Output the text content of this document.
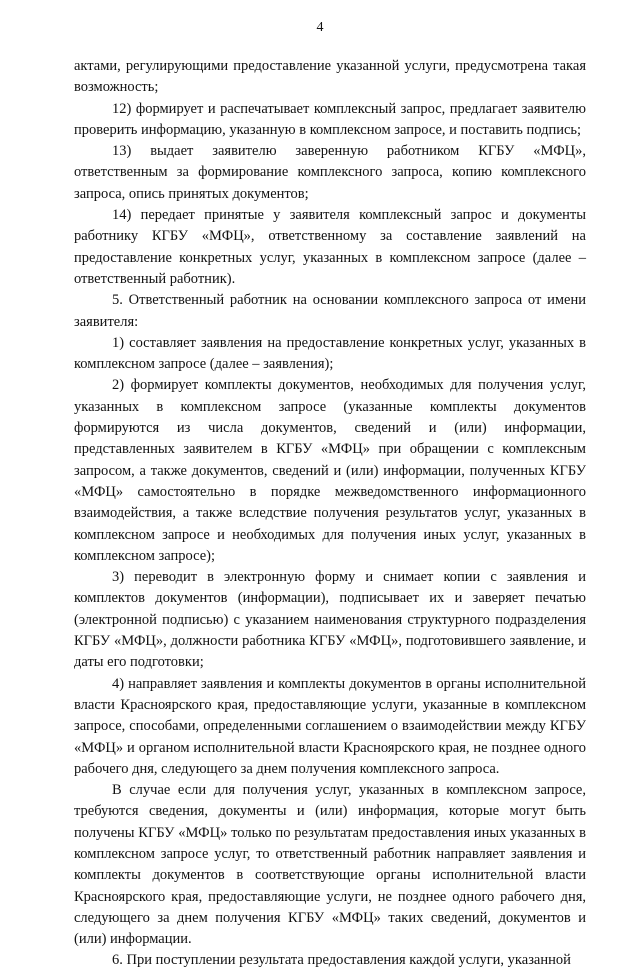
4

актами, регулирующими предоставление указанной услуги, предусмотрена такая возможность;

12) формирует и распечатывает комплексный запрос, предлагает заявителю проверить информацию, указанную в комплексном запросе, и поставить подпись;

13) выдает заявителю заверенную работником КГБУ «МФЦ», ответственным за формирование комплексного запроса, копию комплексного запроса, опись принятых документов;

14) передает принятые у заявителя комплексный запрос и документы работнику КГБУ «МФЦ», ответственному за составление заявлений на предоставление конкретных услуг, указанных в комплексном запросе (далее – ответственный работник).

5. Ответственный работник на основании комплексного запроса от имени заявителя:

1) составляет заявления на предоставление конкретных услуг, указанных в комплексном запросе (далее – заявления);

2) формирует комплекты документов, необходимых для получения услуг, указанных в комплексном запросе (указанные комплекты документов формируются из числа документов, сведений и (или) информации, представленных заявителем в КГБУ «МФЦ» при обращении с комплексным запросом, а также документов, сведений и (или) информации, полученных КГБУ «МФЦ» самостоятельно в порядке межведомственного информационного взаимодействия, а также вследствие получения результатов услуг, указанных в комплексном запросе и необходимых для получения иных услуг, указанных в комплексном запросе);

3) переводит в электронную форму и снимает копии с заявления и комплектов документов (информации), подписывает их и заверяет печатью (электронной подписью) с указанием наименования структурного подразделения КГБУ «МФЦ», должности работника КГБУ «МФЦ», подготовившего заявление, и даты его подготовки;

4) направляет заявления и комплекты документов в органы исполнительной власти Красноярского края, предоставляющие услуги, указанные в комплексном запросе, способами, определенными соглашением о взаимодействии между КГБУ «МФЦ» и органом исполнительной власти Красноярского края, не позднее одного рабочего дня, следующего за днем получения комплексного запроса.

В случае если для получения услуг, указанных в комплексном запросе, требуются сведения, документы и (или) информация, которые могут быть получены КГБУ «МФЦ» только по результатам предоставления иных указанных в комплексном запросе услуг, то ответственный работник направляет заявления и комплекты документов в соответствующие органы исполнительной власти Красноярского края, предоставляющие услуги, не позднее одного рабочего дня, следующего за днем получения КГБУ «МФЦ» таких сведений, документов и (или) информации.

6. При поступлении результата предоставления каждой услуги, указанной
